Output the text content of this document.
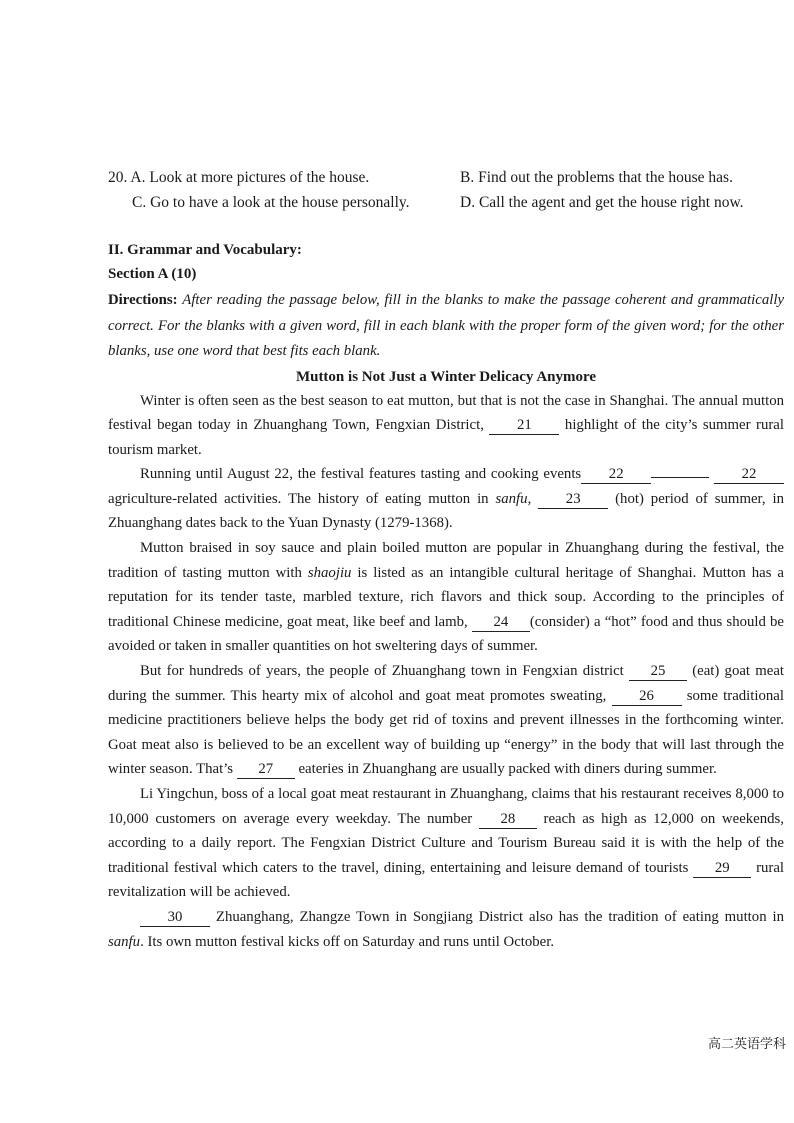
20. A. Look at more pictures of the house.	B. Find out the problems that the house has.
C. Go to have a look at the house personally.	D. Call the agent and get the house right now.
II. Grammar and Vocabulary:
Section A (10)

Directions: After reading the passage below, fill in the blanks to make the passage coherent and grammatically correct. For the blanks with a given word, fill in each blank with the proper form of the given word; for the other blanks, use one word that best fits each blank.

Mutton is Not Just a Winter Delicacy Anymore

Winter is often seen as the best season to eat mutton, but that is not the case in Shanghai. The annual mutton festival began today in Zhuanghang Town, Fengxian District, 21 highlight of the city’s summer rural tourism market.

Running until August 22, the festival features tasting and cooking events 22	22agriculture-related activities. The history of eating mutton in sanfu, 23 (hot) period of summer, in Zhuanghang dates back to the Yuan Dynasty (1279-1368).

Mutton braised in soy sauce and plain boiled mutton are popular in Zhuanghang during the festival, the tradition of tasting mutton with shaojiu is listed as an intangible cultural heritage of Shanghai. Mutton has a reputation for its tender taste, marbled texture, rich flavors and thick soup. According to the principles of traditional Chinese medicine, goat meat, like beef and lamb, 24 (consider) a “hot” food and thus should be avoided or taken in smaller quantities on hot sweltering days of summer.

But for hundreds of years, the people of Zhuanghang town in Fengxian district 25 (eat) goat meat during the summer. This hearty mix of alcohol and goat meat promotes sweating, 26 some traditional medicine practitioners believe helps the body get rid of toxins and prevent illnesses in the forthcoming winter. Goat meat also is believed to be an excellent way of building up “energy” in the body that will last through the winter season. That’s 27 eateries in Zhuanghang are usually packed with diners during summer.

Li Yingchun, boss of a local goat meat restaurant in Zhuanghang, claims that his restaurant receives 8,000 to 10,000 customers on average every weekday. The number 28 reach as high as 12,000 on weekends, according to a daily report. The Fengxian District Culture and Tourism Bureau said it is with the help of the traditional festival which caters to the travel, dining, entertaining and leisure demand of tourists 29 rural revitalization will be achieved.

30 Zhuanghang, Zhangze Town in Songjiang District also has the tradition of eating mutton in sanfu. Its own mutton festival kicks off on Saturday and runs until October.

高二英语学科
